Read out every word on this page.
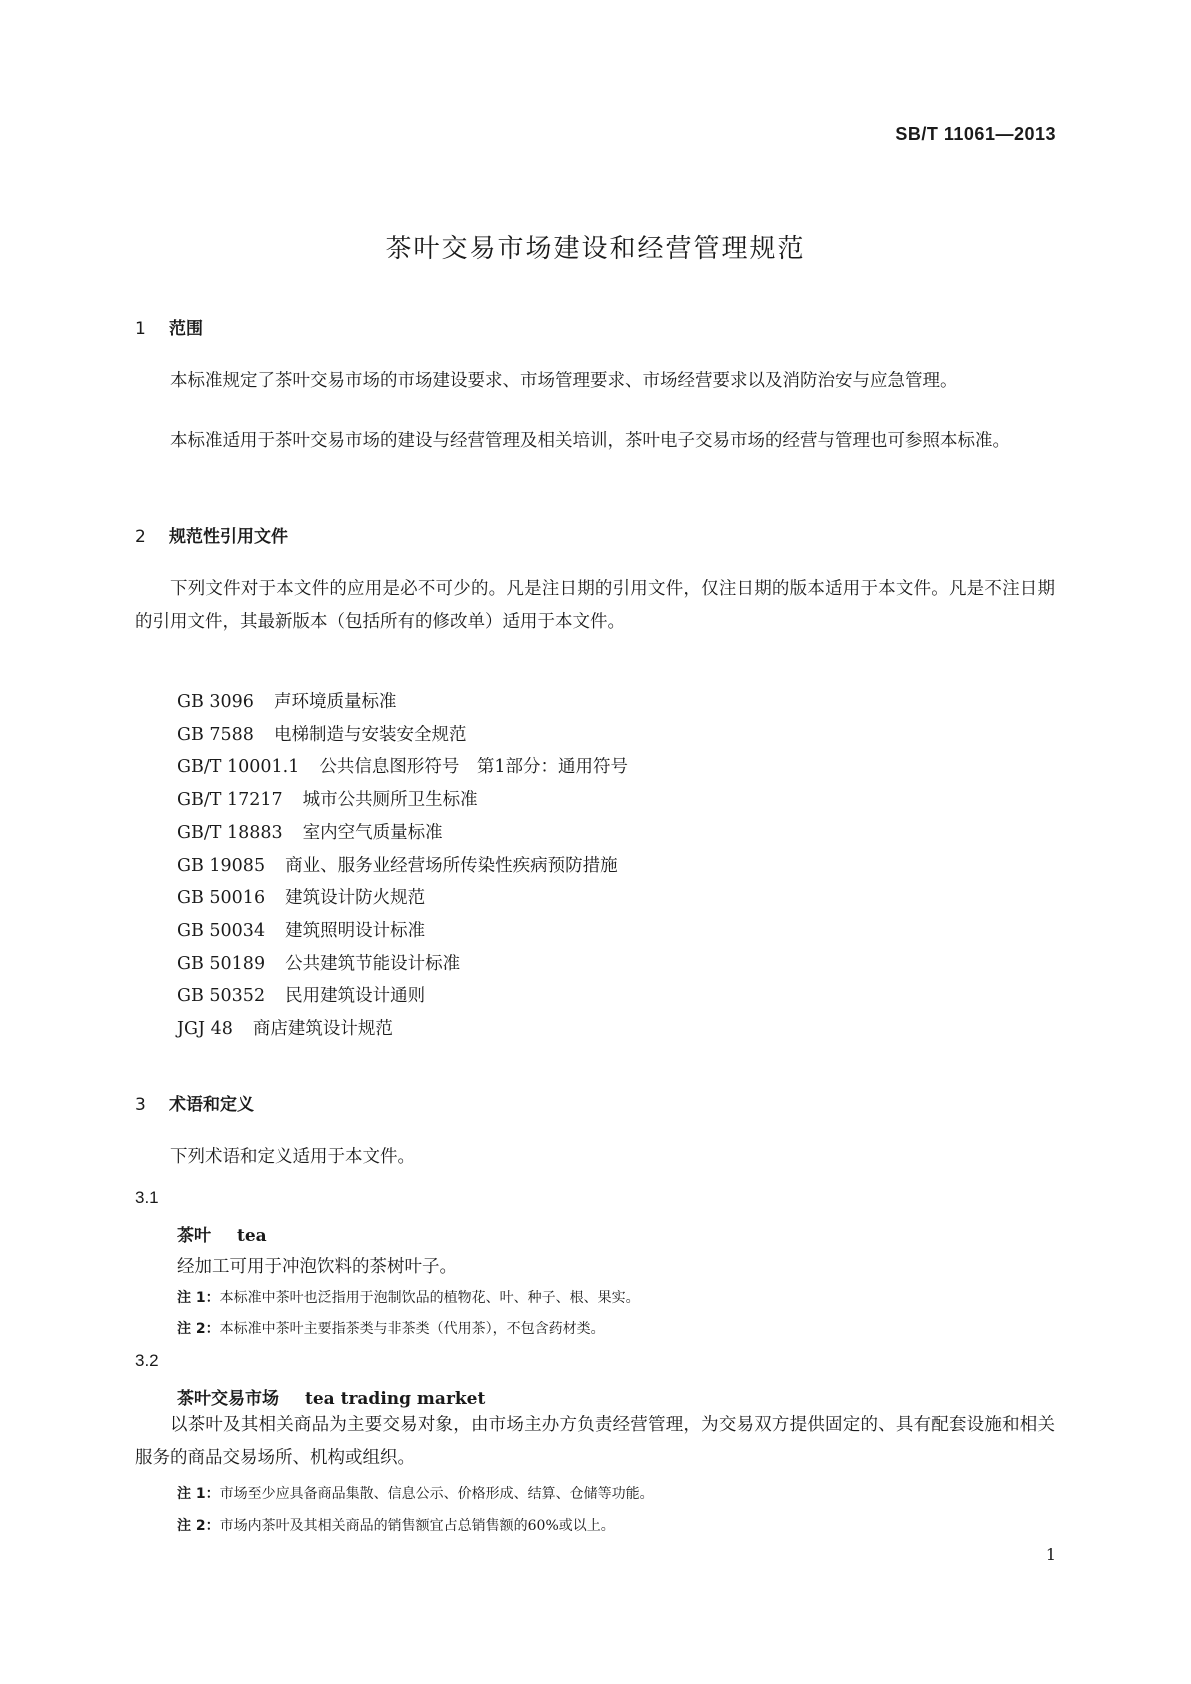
SB/T 11061—2013
茶叶交易市场建设和经营管理规范
1 范围
本标准规定了茶叶交易市场的市场建设要求、市场管理要求、市场经营要求以及消防治安与应急管理。
本标准适用于茶叶交易市场的建设与经营管理及相关培训，茶叶电子交易市场的经营与管理也可参照本标准。
2 规范性引用文件
下列文件对于本文件的应用是必不可少的。凡是注日期的引用文件，仅注日期的版本适用于本文件。凡是不注日期的引用文件，其最新版本（包括所有的修改单）适用于本文件。
GB 3096 声环境质量标准
GB 7588 电梯制造与安装安全规范
GB/T 10001.1 公共信息图形符号　第1部分：通用符号
GB/T 17217 城市公共厕所卫生标准
GB/T 18883 室内空气质量标准
GB 19085 商业、服务业经营场所传染性疾病预防措施
GB 50016 建筑设计防火规范
GB 50034 建筑照明设计标准
GB 50189 公共建筑节能设计标准
GB 50352 民用建筑设计通则
JGJ 48 商店建筑设计规范
3 术语和定义
下列术语和定义适用于本文件。
3.1
茶叶 tea
经加工可用于冲泡饮料的茶树叶子。
注 1：本标准中茶叶也泛指用于泡制饮品的植物花、叶、种子、根、果实。
注 2：本标准中茶叶主要指茶类与非茶类（代用茶），不包含药材类。
3.2
茶叶交易市场 tea trading market
以茶叶及其相关商品为主要交易对象，由市场主办方负责经营管理，为交易双方提供固定的、具有配套设施和相关服务的商品交易场所、机构或组织。
注 1：市场至少应具备商品集散、信息公示、价格形成、结算、仓储等功能。
注 2：市场内茶叶及其相关商品的销售额宜占总销售额的60%或以上。
1
